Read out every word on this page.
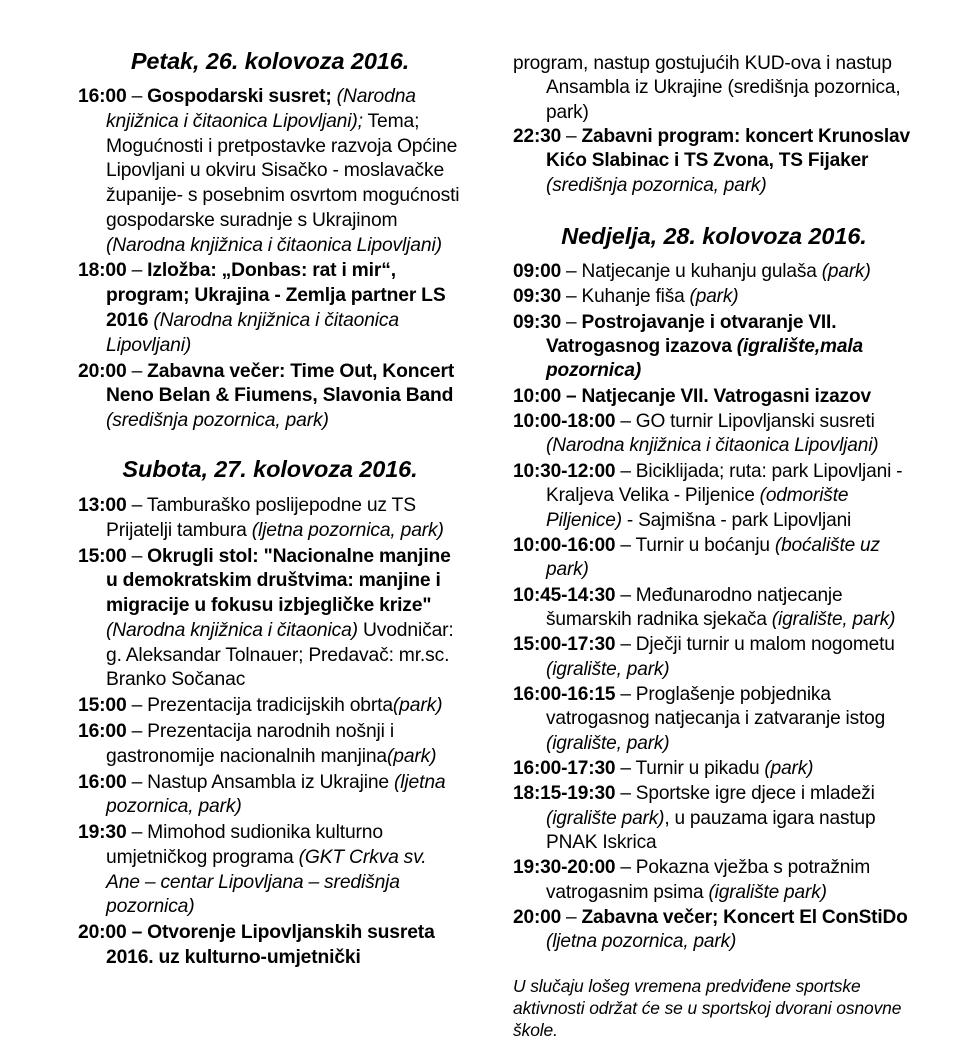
Petak, 26. kolovoza 2016.

16:00 – Gospodarski susret; (Narodna knjižnica i čitaonica Lipovljani); Tema; Mogućnosti i pretpostavke razvoja Općine Lipovljani u okviru Sisačko - moslavačke županije- s posebnim osvrtom mogućnosti gospodarske suradnje s Ukrajinom (Narodna knjižnica i čitaonica Lipovljani)

18:00 – Izložba: „Donbas: rat i mir“, program; Ukrajina - Zemlja partner LS 2016 (Narodna knjižnica i čitaonica Lipovljani)

20:00 – Zabavna večer: Time Out, Koncert Neno Belan & Fiumens, Slavonia Band (središnja pozornica, park)

Subota, 27. kolovoza 2016.

13:00 – Tamburaško poslijepodne uz TS Prijatelji tambura (ljetna pozornica, park)

15:00 – Okrugli stol: "Nacionalne manjine u demokratskim društvima: manjine i migracije u fokusu izbjegličke krize" (Narodna knjižnica i čitaonica) Uvodničar: g. Aleksandar Tolnauer; Predavač: mr.sc. Branko Sočanac

15:00 – Prezentacija tradicijskih obrta(park)

16:00 – Prezentacija narodnih nošnji i gastronomije nacionalnih manjina(park)

16:00 – Nastup Ansambla iz Ukrajine (ljetna pozornica, park)

19:30 – Mimohod sudionika kulturno umjetničkog programa (GKT Crkva sv. Ane – centar Lipovljana – središnja pozornica)

20:00 – Otvorenje Lipovljanskih susreta 2016. uz kulturno-umjetnički

program, nastup gostujućih KUD-ova i nastup Ansambla iz Ukrajine (središnja pozornica, park)

22:30 – Zabavni program: koncert Krunoslav Kićo Slabinac i TS Zvona, TS Fijaker (središnja pozornica, park)

Nedjelja, 28. kolovoza 2016.

09:00 – Natjecanje u kuhanju gulaša (park)

09:30 – Kuhanje fiša (park)

09:30 – Postrojavanje i otvaranje VII. Vatrogasnog izazova (igralište,mala pozornica)

10:00 – Natjecanje VII. Vatrogasni izazov

10:00-18:00 – GO turnir Lipovljanski susreti (Narodna knjižnica i čitaonica Lipovljani)

10:30-12:00 – Biciklijada; ruta: park Lipovljani - Kraljeva Velika - Piljenice (odmorište Piljenice) - Sajmišna - park Lipovljani

10:00-16:00 – Turnir u boćanju (boćalište uz park)

10:45-14:30 – Međunarodno natjecanje šumarskih radnika sjekača (igralište, park)

15:00-17:30 – Dječji turnir u malom nogometu (igralište, park)

16:00-16:15 – Proglašenje pobjednika vatrogasnog natjecanja i zatvaranje istog (igralište, park)

16:00-17:30 – Turnir u pikadu (park)

18:15-19:30 – Sportske igre djece i mladeži (igralište park), u pauzama igara nastup PNAK Iskrica

19:30-20:00 – Pokazna vježba s potražnim vatrogasnim psima (igralište park)

20:00 – Zabavna večer; Koncert El ConStiDo (ljetna pozornica, park)

U slučaju lošeg vremena predviđene sportske aktivnosti održat će se u sportskoj dvorani osnovne škole.
